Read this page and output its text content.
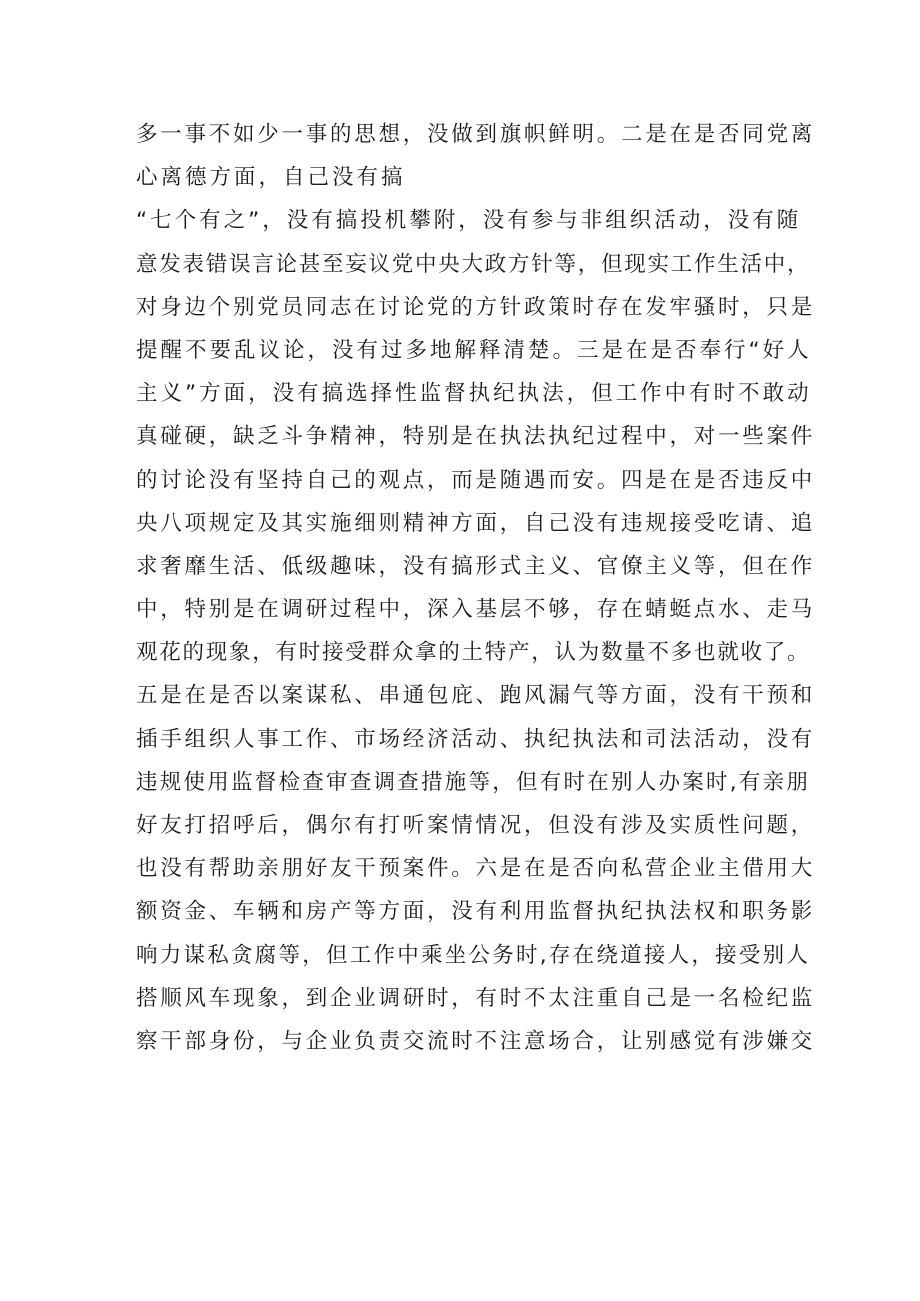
多一事不如少一事的思想，没做到旗帜鲜明。二是在是否同党离
心离德方面，自己没有搞
“七个有之”，没有搞投机攀附，没有参与非组织活动，没有随
意发表错误言论甚至妄议党中央大政方针等，但现实工作生活中，
对身边个别党员同志在讨论党的方针政策时存在发牢骚时，只是
提醒不要乱议论，没有过多地解释清楚。三是在是否奉行“好人
主义”方面，没有搞选择性监督执纪执法，但工作中有时不敢动
真碰硬，缺乏斗争精神，特别是在执法执纪过程中，对一些案件
的讨论没有坚持自己的观点，而是随遇而安。四是在是否违反中
央八项规定及其实施细则精神方面，自己没有违规接受吃请、追
求奢靡生活、低级趣味，没有搞形式主义、官僚主义等，但在作
中，特别是在调研过程中，深入基层不够，存在蜻蜓点水、走马
观花的现象，有时接受群众拿的土特产，认为数量不多也就收了。
五是在是否以案谋私、串通包庇、跑风漏气等方面，没有干预和
插手组织人事工作、市场经济活动、执纪执法和司法活动，没有
违规使用监督检查审查调查措施等，但有时在别人办案时,有亲朋
好友打招呼后，偶尔有打听案情情况，但没有涉及实质性问题，
也没有帮助亲朋好友干预案件。六是在是否向私营企业主借用大
额资金、车辆和房产等方面，没有利用监督执纪执法权和职务影
响力谋私贪腐等，但工作中乘坐公务时,存在绕道接人，接受别人
搭顺风车现象，到企业调研时，有时不太注重自己是一名检纪监
察干部身份，与企业负责交流时不注意场合，让别感觉有涉嫌交
